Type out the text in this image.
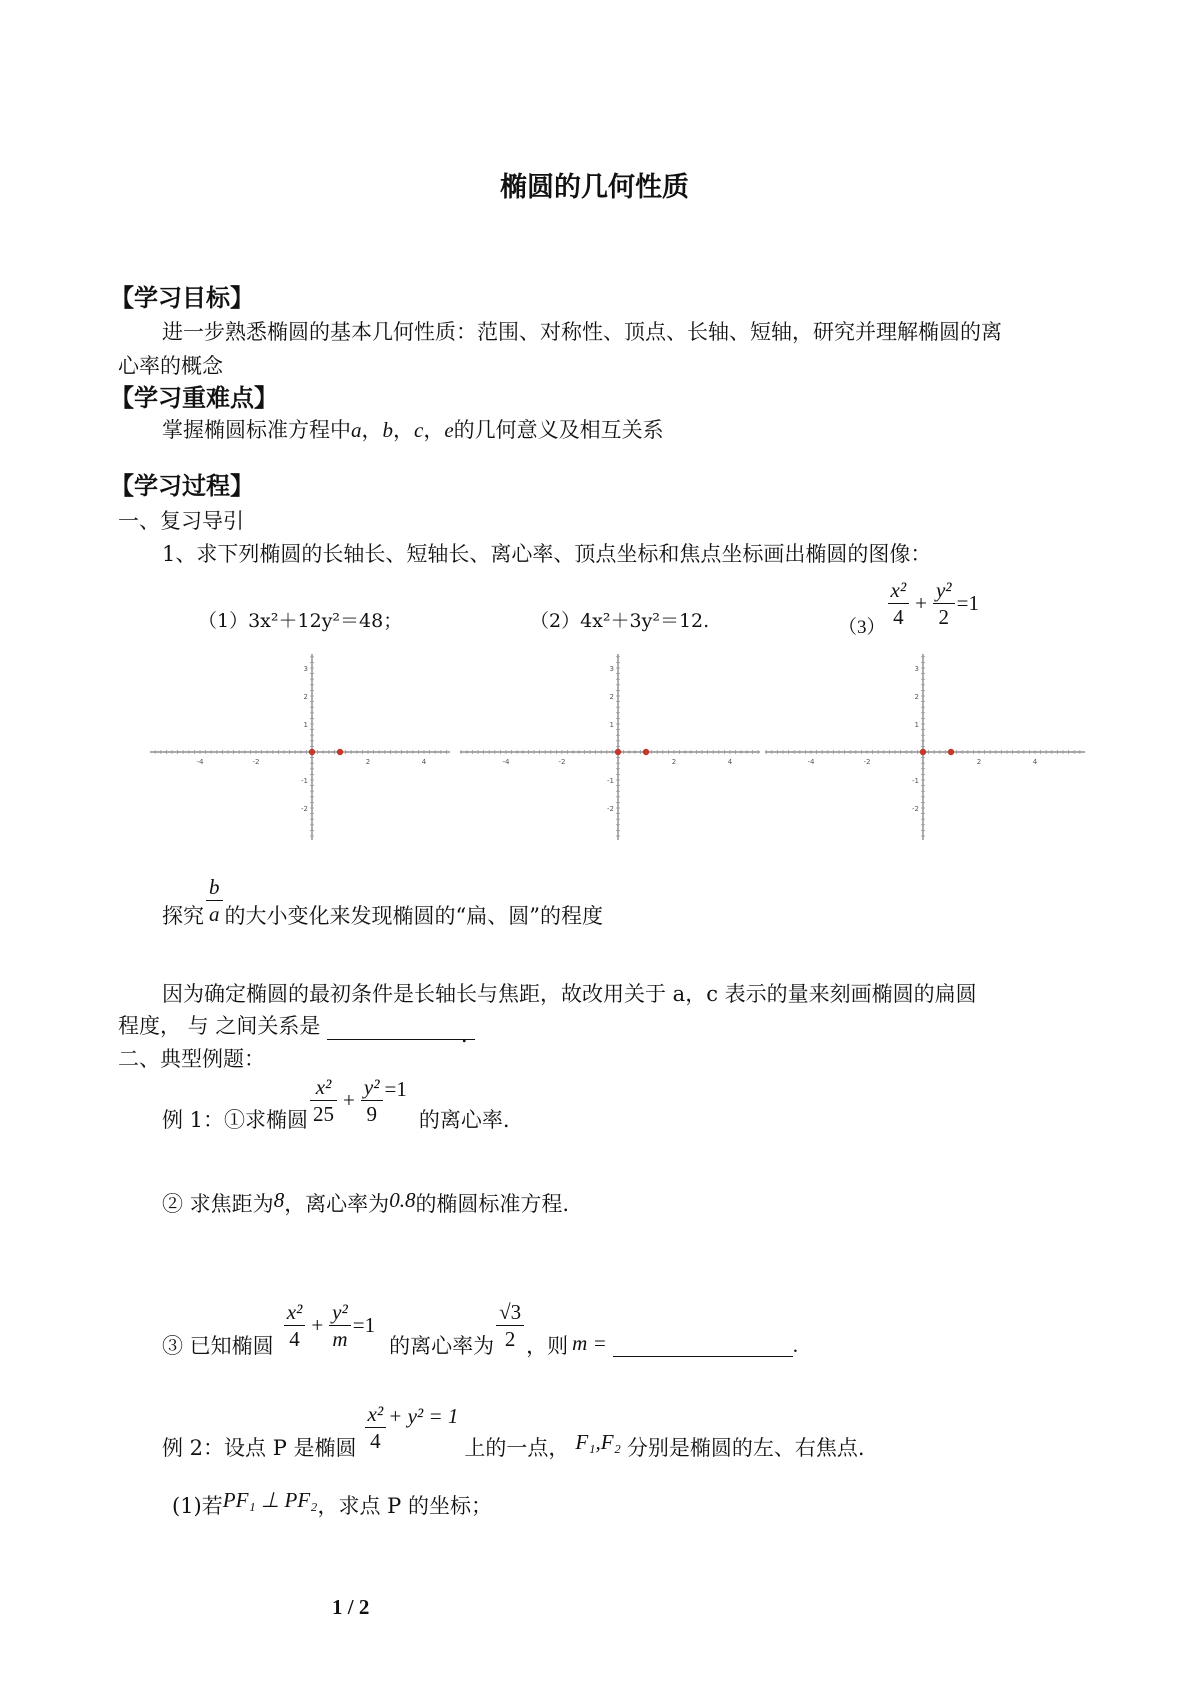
椭圆的几何性质
【学习目标】
进一步熟悉椭圆的基本几何性质：范围、对称性、顶点、长轴、短轴，研究并理解椭圆的离
心率的概念
【学习重难点】
掌握椭圆标准方程中a，b，c，e的几何意义及相互关系
【学习过程】
一、复习导引
1、求下列椭圆的长轴长、短轴长、离心率、顶点坐标和焦点坐标画出椭圆的图像：
（1）3x²＋12y²＝48；	（2）4x²＋3y²＝12.	$(3) \frac{\text{x²}}{4} + \frac{\text{y²}}{2} =1$
-4	-2	2	4
3
2
1
-1
-2
-4	-2	2	4
3
2
1
-1
-2
-4	-2	2	4
3
2
1
-1
-2
探究 $\frac{b}{a}$ 的大小变化来发现椭圆的“扁、圆”的程度
因为确定椭圆的最初条件是长轴长与焦距，故改用关于 a，c 表示的量来刻画椭圆的扁圆
程度， 与 之间关系是	．
二、典型例题：
例 1：①求椭圆 $\frac{\text{x²}}{25} + \frac{\text{y²}}{9} =1$
的离心率.
② 求焦距为8，离心率为0.8的椭圆标准方程.
③ 已知椭圆 $\frac{\text{x²}}{4} + \frac{\text{y²}}{m} =1$
的离心率为 $\frac{√3}{2}$ ，则 m =	.
例 2：设点 P 是椭圆 $\frac{\text{x²}}{4} + y^2 = 1$
上的一点， F₁,F₂ 分别是椭圆的左、右焦点.
(1)若PF₁ ⊥ PF₂，求点 P 的坐标；
1 / 2
